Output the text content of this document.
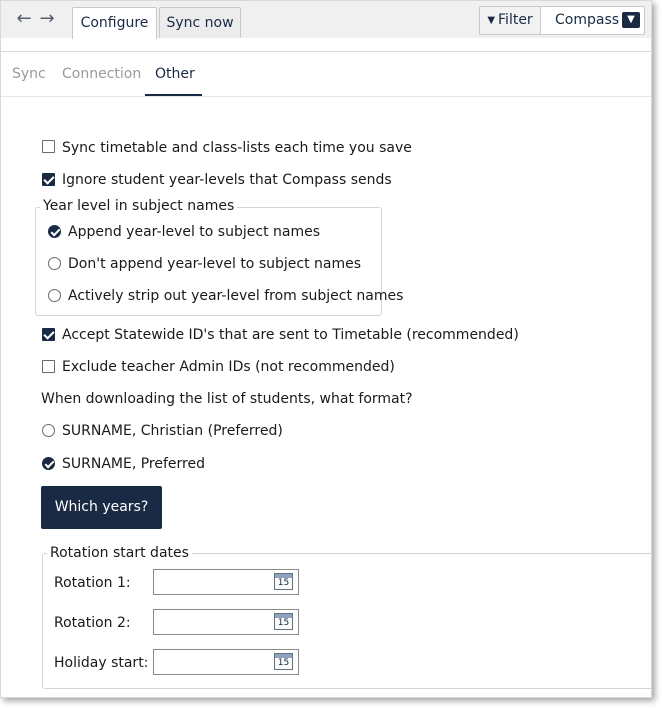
← →	Configure	Sync now	▼ Filter	Compass ▼
Sync Connection Other
Sync timetable and class-lists each time you save
Ignore student year-levels that Compass sends
Year level in subject names
Append year-level to subject names
Don't append year-level to subject names
Actively strip out year-level from subject names
Accept Statewide ID's that are sent to Timetable (recommended)
Exclude teacher Admin IDs (not recommended)
When downloading the list of students, what format?
SURNAME, Christian (Preferred)
SURNAME, Preferred
Which years?
Rotation start dates
Rotation 1:	15
Rotation 2:	15
Holiday start:	15
